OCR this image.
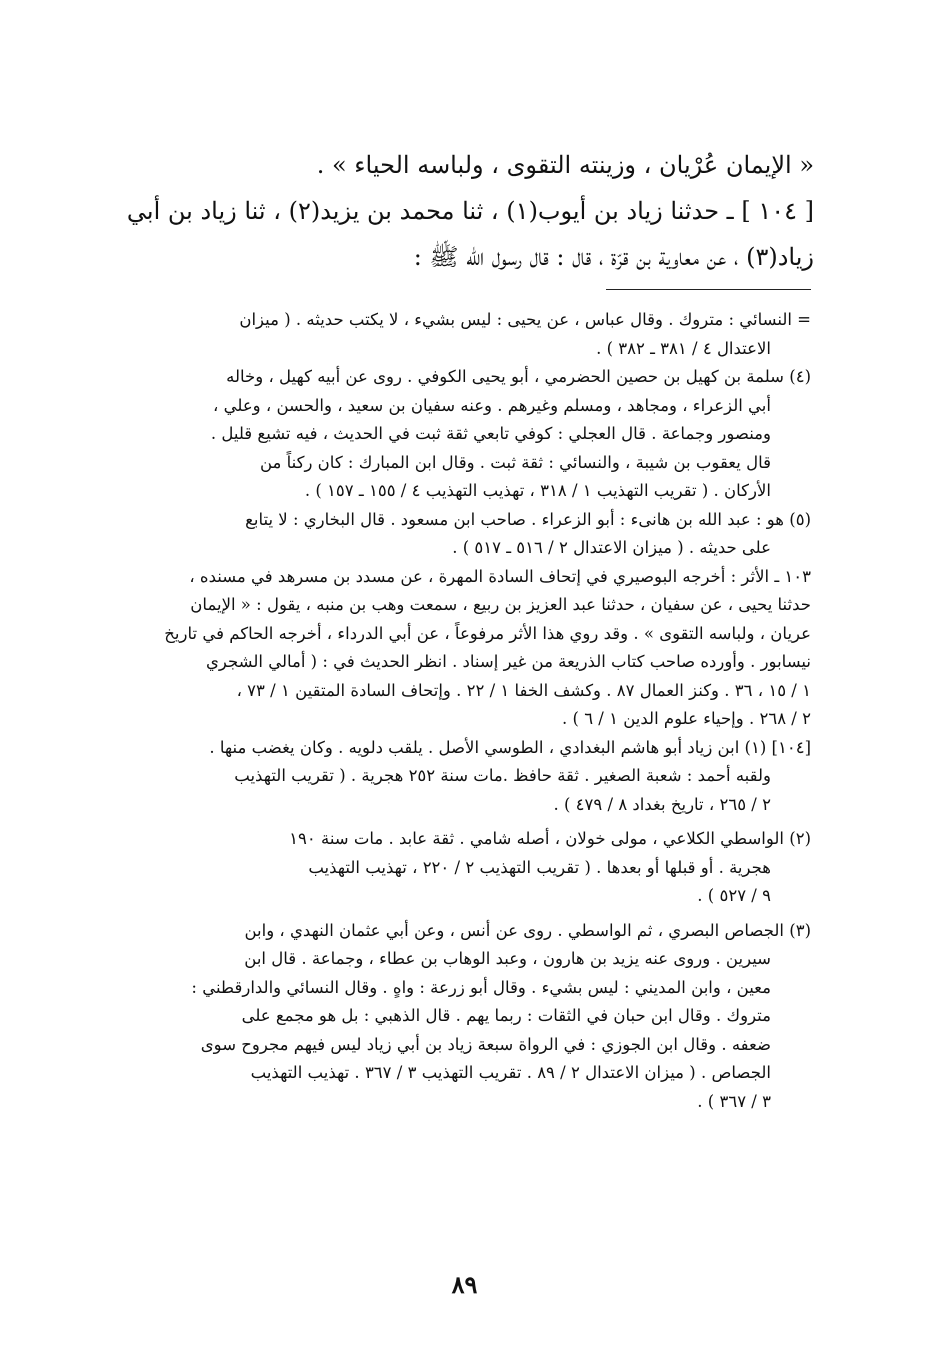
« الإيمان عُرْيان ، وزينته التقوى ، ولباسه الحياء » .
[ ١٠٤ ] ـ حدثنا زياد بن أيوب(١) ، ثنا محمد بن يزيد(٢) ، ثنا زياد بن أبي
زياد(٣) ، عن معاوية بن قرّة ، قال : قال رسول الله ﷺ :
= النسائي : متروك . وقال عباس ، عن يحيى : ليس بشيء ، لا يكتب حديثه . ( ميزان
الاعتدال ٤ / ٣٨١ ـ ٣٨٢ ) .
(٤) سلمة بن كهيل بن حصين الحضرمي ، أبو يحيى الكوفي . روى عن أبيه كهيل ، وخاله
أبي الزعراء ، ومجاهد ، ومسلم وغيرهم . وعنه سفيان بن سعيد ، والحسن ، وعلي ،
ومنصور وجماعة . قال العجلي : كوفي تابعي ثقة ثبت في الحديث ، فيه تشيع قليل .
قال يعقوب بن شيبة ، والنسائي : ثقة ثبت . وقال ابن المبارك : كان ركناً من
الأركان . ( تقريب التهذيب ١ / ٣١٨ ، تهذيب التهذيب ٤ / ١٥٥ ـ ١٥٧ ) .
(٥) هو : عبد الله بن هانىء : أبو الزعراء . صاحب ابن مسعود . قال البخاري : لا يتابع
على حديثه . ( ميزان الاعتدال ٢ / ٥١٦ ـ ٥١٧ ) .
١٠٣ ـ الأثر : أخرجه البوصيري في إتحاف السادة المهرة ، عن مسدد بن مسرهد في مسنده ،
حدثنا يحيى ، عن سفيان ، حدثنا عبد العزيز بن ربيع ، سمعت وهب بن منبه ، يقول : « الإيمان
عريان ، ولباسه التقوى » . وقد روي هذا الأثر مرفوعاً ، عن أبي الدرداء ، أخرجه الحاكم في تاريخ
نيسابور . وأورده صاحب كتاب الذريعة من غير إسناد . انظر الحديث في : ( أمالي الشجري
١ / ١٥ ، ٣٦ . وكنز العمال ٨٧ . وكشف الخفا ١ / ٢٢ . وإتحاف السادة المتقين ١ / ٧٣ ،
٢ / ٢٦٨ . وإحياء علوم الدين ١ / ٦ ) .
[١٠٤] (١) ابن زياد أبو هاشم البغدادي ، الطوسي الأصل . يلقب دلويه . وكان يغضب منها .
ولقبه أحمد : شعبة الصغير . ثقة حافظ .مات سنة ٢٥٢ هجرية . ( تقريب التهذيب
٢ / ٢٦٥ ، تاريخ بغداد ٨ / ٤٧٩ ) .
(٢) الواسطي الكلاعي ، مولى خولان ، أصله شامي . ثقة عابد . مات سنة ١٩٠
هجرية . أو قبلها أو بعدها . ( تقريب التهذيب ٢ / ٢٢٠ ، تهذيب التهذيب
٩ / ٥٢٧ ) .
(٣) الجصاص البصري ، ثم الواسطي . روى عن أنس ، وعن أبي عثمان النهدي ، وابن
سيرين . وروى عنه يزيد بن هارون ، وعبد الوهاب بن عطاء ، وجماعة . قال ابن
معين ، وابن المديني : ليس بشيء . وقال أبو زرعة : واهٍ . وقال النسائي والدارقطني :
متروك . وقال ابن حبان في الثقات : ربما يهم . قال الذهبي : بل هو مجمع على
ضعفه . وقال ابن الجوزي : في الرواة سبعة زياد بن أبي زياد ليس فيهم مجروح سوى
الجصاص . ( ميزان الاعتدال ٢ / ٨٩ . تقريب التهذيب ٣ / ٣٦٧ . تهذيب التهذيب
٣ / ٣٦٧ ) .
٨٩
